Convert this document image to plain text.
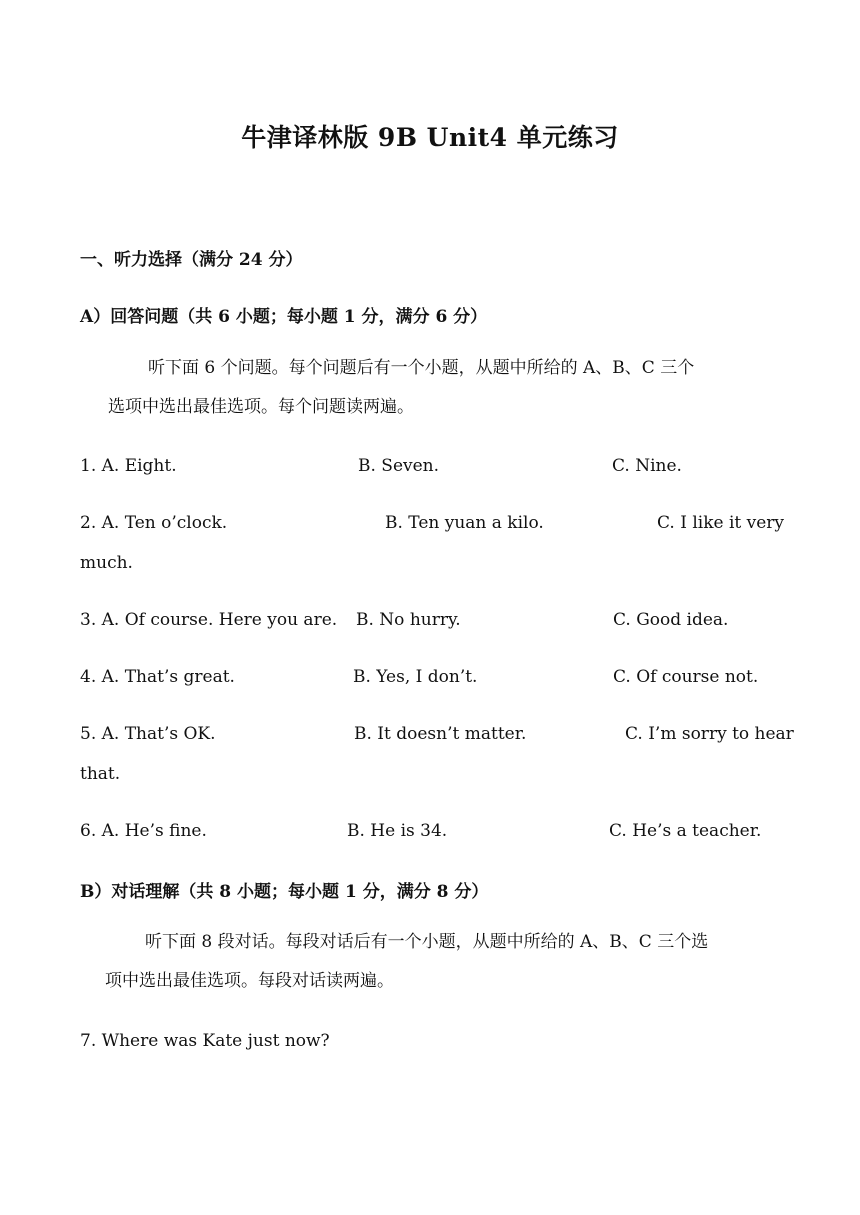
牛津译林版 9B Unit4 单元练习
一、听力选择（满分 24 分）
A）回答问题（共 6 小题；每小题 1 分，满分 6 分）
听下面 6 个问题。每个问题后有一个小题，从题中所给的 A、B、C 三个
选项中选出最佳选项。每个问题读两遍。
1. A. Eight.	B. Seven.	C. Nine.
2. A. Ten o’clock.	B. Ten yuan a kilo.	C. I like it very
much.
3. A. Of course. Here you are. B. No hurry.	C. Good idea.
4. A. That’s great.	B. Yes, I don’t.	C. Of course not.
5. A. That’s OK.	B. It doesn’t matter.	C. I’m sorry to hear
that.
6. A. He’s fine.	B. He is 34.	C. He’s a teacher.
B）对话理解（共 8 小题；每小题 1 分，满分 8 分）
听下面 8 段对话。每段对话后有一个小题，从题中所给的 A、B、C 三个选
项中选出最佳选项。每段对话读两遍。
7. Where was Kate just now?
